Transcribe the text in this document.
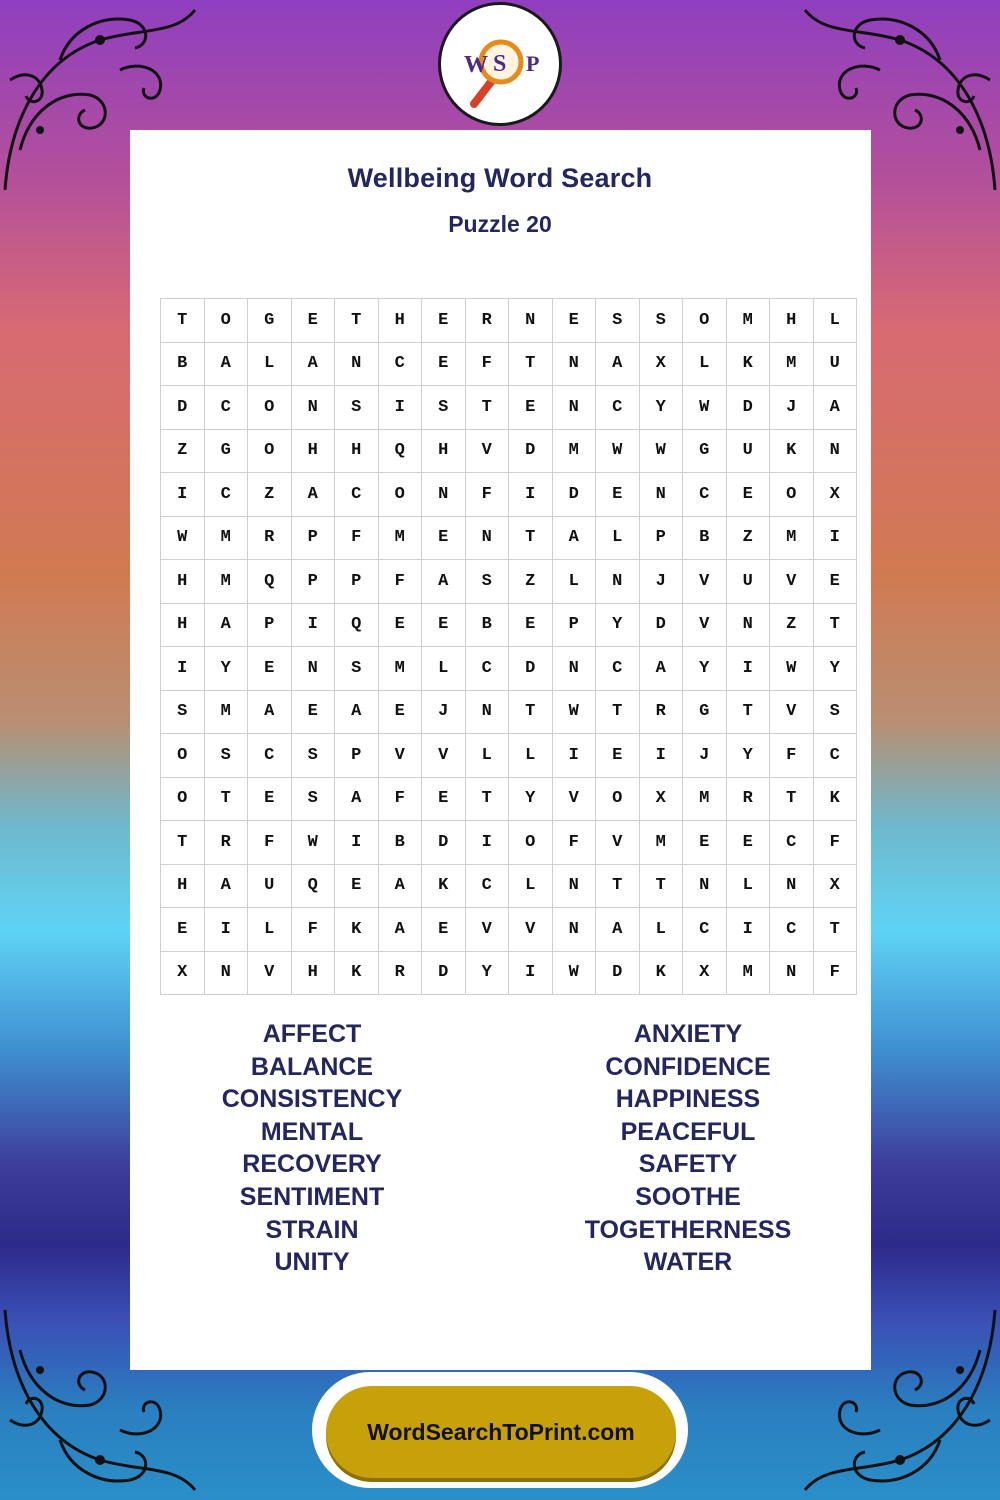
W S P
Wellbeing Word Search
Puzzle 20
T	O	G	E	T	H	E	R	N	E	S	S	O	M	H	L
B	A	L	A	N	C	E	F	T	N	A	X	L	K	M	U
D	C	O	N	S	I	S	T	E	N	C	Y	W	D	J	A
Z	G	O	H	H	Q	H	V	D	M	W	W	G	U	K	N
I	C	Z	A	C	O	N	F	I	D	E	N	C	E	O	X
W	M	R	P	F	M	E	N	T	A	L	P	B	Z	M	I
H	M	Q	P	P	F	A	S	Z	L	N	J	V	U	V	E
H	A	P	I	Q	E	E	B	E	P	Y	D	V	N	Z	T
I	Y	E	N	S	M	L	C	D	N	C	A	Y	I	W	Y
S	M	A	E	A	E	J	N	T	W	T	R	G	T	V	S
O	S	C	S	P	V	V	L	L	I	E	I	J	Y	F	C
O	T	E	S	A	F	E	T	Y	V	O	X	M	R	T	K
T	R	F	W	I	B	D	I	O	F	V	M	E	E	C	F
H	A	U	Q	E	A	K	C	L	N	T	T	N	L	N	X
E	I	L	F	K	A	E	V	V	N	A	L	C	I	C	T
X	N	V	H	K	R	D	Y	I	W	D	K	X	M	N	F
AFFECT
BALANCE
CONSISTENCY
MENTAL
RECOVERY
SENTIMENT
STRAIN
UNITY
ANXIETY
CONFIDENCE
HAPPINESS
PEACEFUL
SAFETY
SOOTHE
TOGETHERNESS
WATER
WordSearchToPrint.com
